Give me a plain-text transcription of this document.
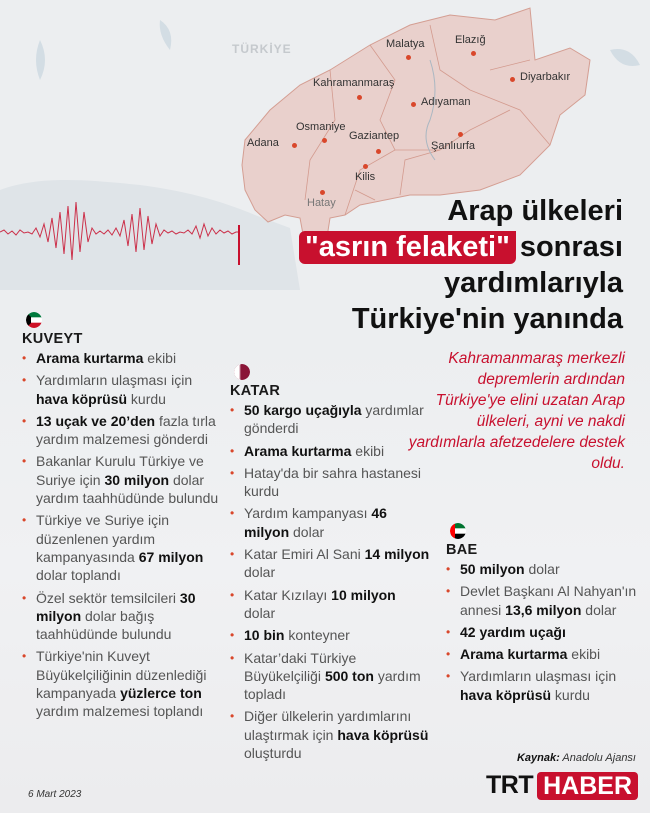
TÜRKİYE	Malatya	Elazığ
Diyarbakır
Kahramanmaraş
Adıyaman
Osmaniye
Adana
Gaziantep
Şanlıurfa
Kilis
Hatay	Arap ülkeleri
"asrın felaketi" sonrası
yardımlarıyla
Türkiye'nin yanında
Kahramanmaraş merkezli depremlerin ardından Türkiye'ye elini uzatan Arap ülkeleri, ayni ve nakdi yardımlarla afetzedelere destek oldu.
KUVEYT
• Arama kurtarma ekibi
• Yardımların ulaşması için hava köprüsü kurdu
• 13 uçak ve 20’den fazla tırla yardım malzemesi gönderdi
• Bakanlar Kurulu Türkiye ve Suriye için 30 milyon dolar yardım taahhüdünde bulundu
• Türkiye ve Suriye için düzenlenen yardım kampanyasında 67 milyon dolar toplandı
• Özel sektör temsilcileri 30 milyon dolar bağış taahhüdünde bulundu
• Türkiye'nin Kuveyt Büyükelçiliğinin düzenlediği kampanyada yüzlerce ton yardım malzemesi toplandı
KATAR
• 50 kargo uçağıyla yardımlar gönderdi
• Arama kurtarma ekibi
• Hatay'da bir sahra hastanesi kurdu
• Yardım kampanyası 46 milyon dolar
• Katar Emiri Al Sani 14 milyon dolar
• Katar Kızılayı 10 milyon dolar
• 10 bin konteyner
• Katar’daki Türkiye Büyükelçiliği 500 ton yardım topladı
• Diğer ülkelerin yardımlarını ulaştırmak için hava köprüsü oluşturdu
BAE
• 50 milyon dolar
• Devlet Başkanı Al Nahyan'ın annesi 13,6 milyon dolar
• 42 yardım uçağı
• Arama kurtarma ekibi
• Yardımların ulaşması için hava köprüsü kurdu
6 Mart 2023
Kaynak: Anadolu Ajansı
TRT HABER
